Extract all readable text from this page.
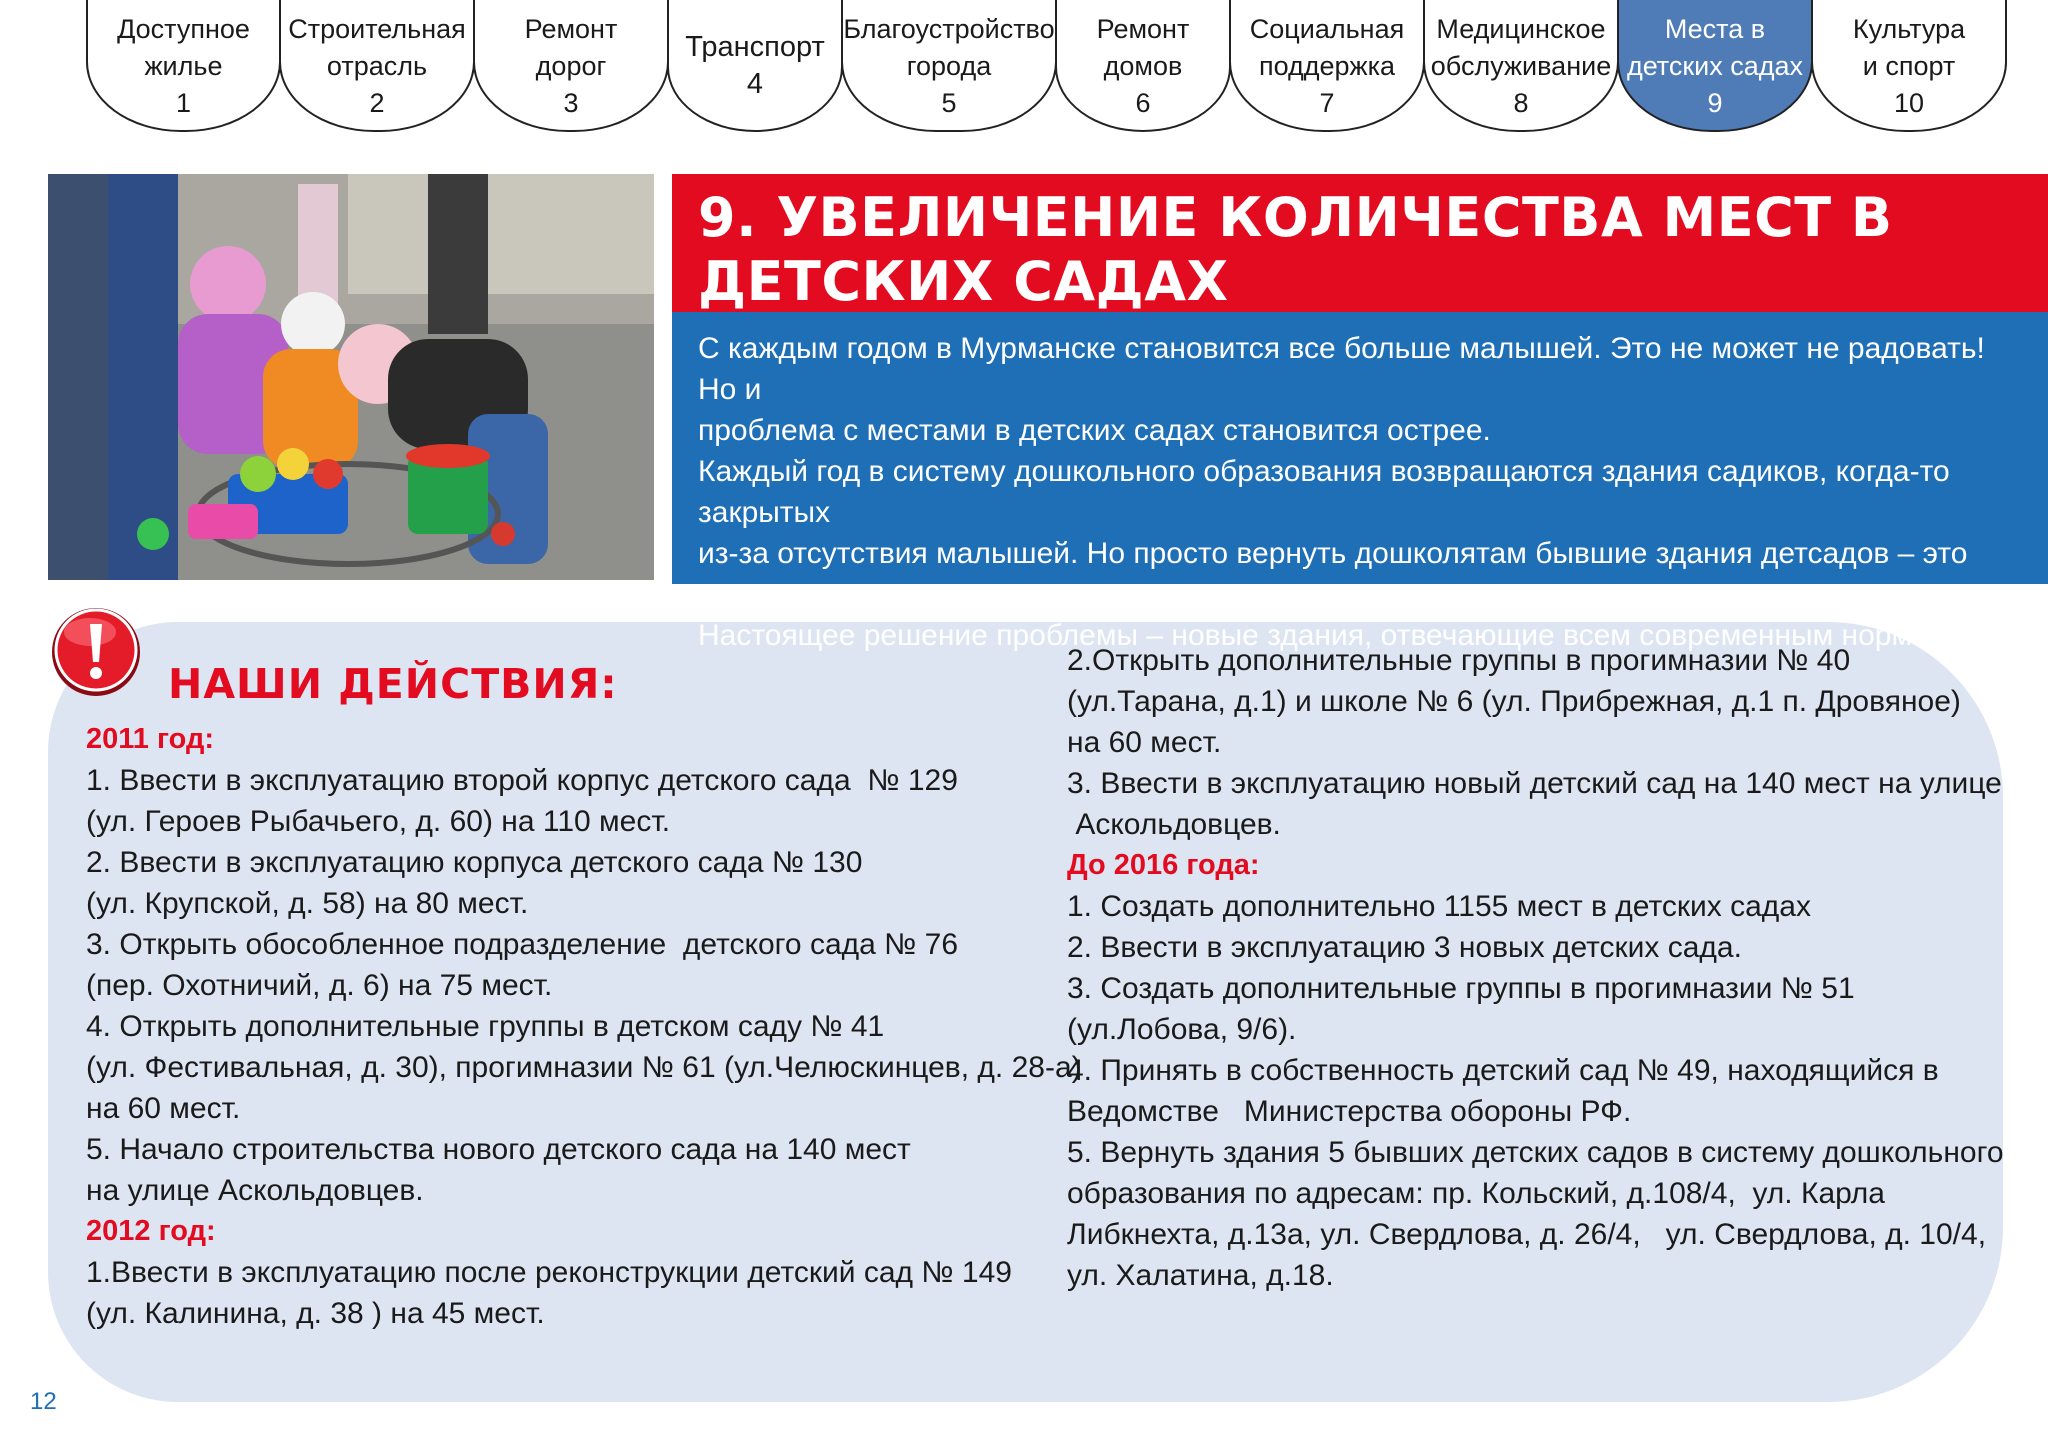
Доступное
жилье
1
Строительная
отрасль
2
Ремонт
дорог
3
Транспорт
4
Благоустройство
города
5
Ремонт
домов
6
Социальная
поддержка
7
Медицинское
обслуживание
8
Места в
детских садах
9
Культура
и спорт
10
9. УВЕЛИЧЕНИЕ КОЛИЧЕСТВА МЕСТ В
ДЕТСКИХ САДАХ

С каждым годом в Мурманске становится все больше малышей. Это не может не радовать! Но и

проблема с местами в детских садах становится острее.

Каждый год в систему дошкольного образования возвращаются здания садиков, когда-то закрытых

из-за отсутствия малышей. Но просто вернуть дошколятам бывшие здания детсадов – это полдела.

Настоящее решение проблемы – новые здания, отвечающие всем современным нормам.

НАШИ ДЕЙСТВИЯ:

2011 год:

1. Ввести в эксплуатацию второй корпус детского сада  № 129

(ул. Героев Рыбачьего, д. 60) на 110 мест.

2. Ввести в эксплуатацию корпуса детского сада № 130

(ул. Крупской, д. 58) на 80 мест.

3. Открыть обособленное подразделение  детского сада № 76

(пер. Охотничий, д. 6) на 75 мест.

4. Открыть дополнительные группы в детском саду № 41

(ул. Фестивальная, д. 30), прогимназии № 61 (ул.Челюскинцев, д. 28-а)

на 60 мест.

5. Начало строительства нового детского сада на 140 мест

на улице Аскольдовцев.

2012 год:

1.Ввести в эксплуатацию после реконструкции детский сад № 149

(ул. Калинина, д. 38 ) на 45 мест.

2.Открыть дополнительные группы в прогимназии № 40

(ул.Тарана, д.1) и школе № 6 (ул. Прибрежная, д.1 п. Дровяное)

на 60 мест.

3. Ввести в эксплуатацию новый детский сад на 140 мест на улице

Аскольдовцев.

До 2016 года:

1. Создать дополнительно 1155 мест в детских садах

2. Ввести в эксплуатацию 3 новых детских сада.

3. Создать дополнительные группы в прогимназии № 51

(ул.Лобова, 9/6).

4. Принять в собственность детский сад № 49, находящийся в

Ведомстве   Министерства обороны РФ.

5. Вернуть здания 5 бывших детских садов в систему дошкольного

образования по адресам: пр. Кольский, д.108/4,  ул. Карла

Либкнехта, д.13а, ул. Свердлова, д. 26/4,   ул. Свердлова, д. 10/4,

ул. Халатина, д.18.

12
